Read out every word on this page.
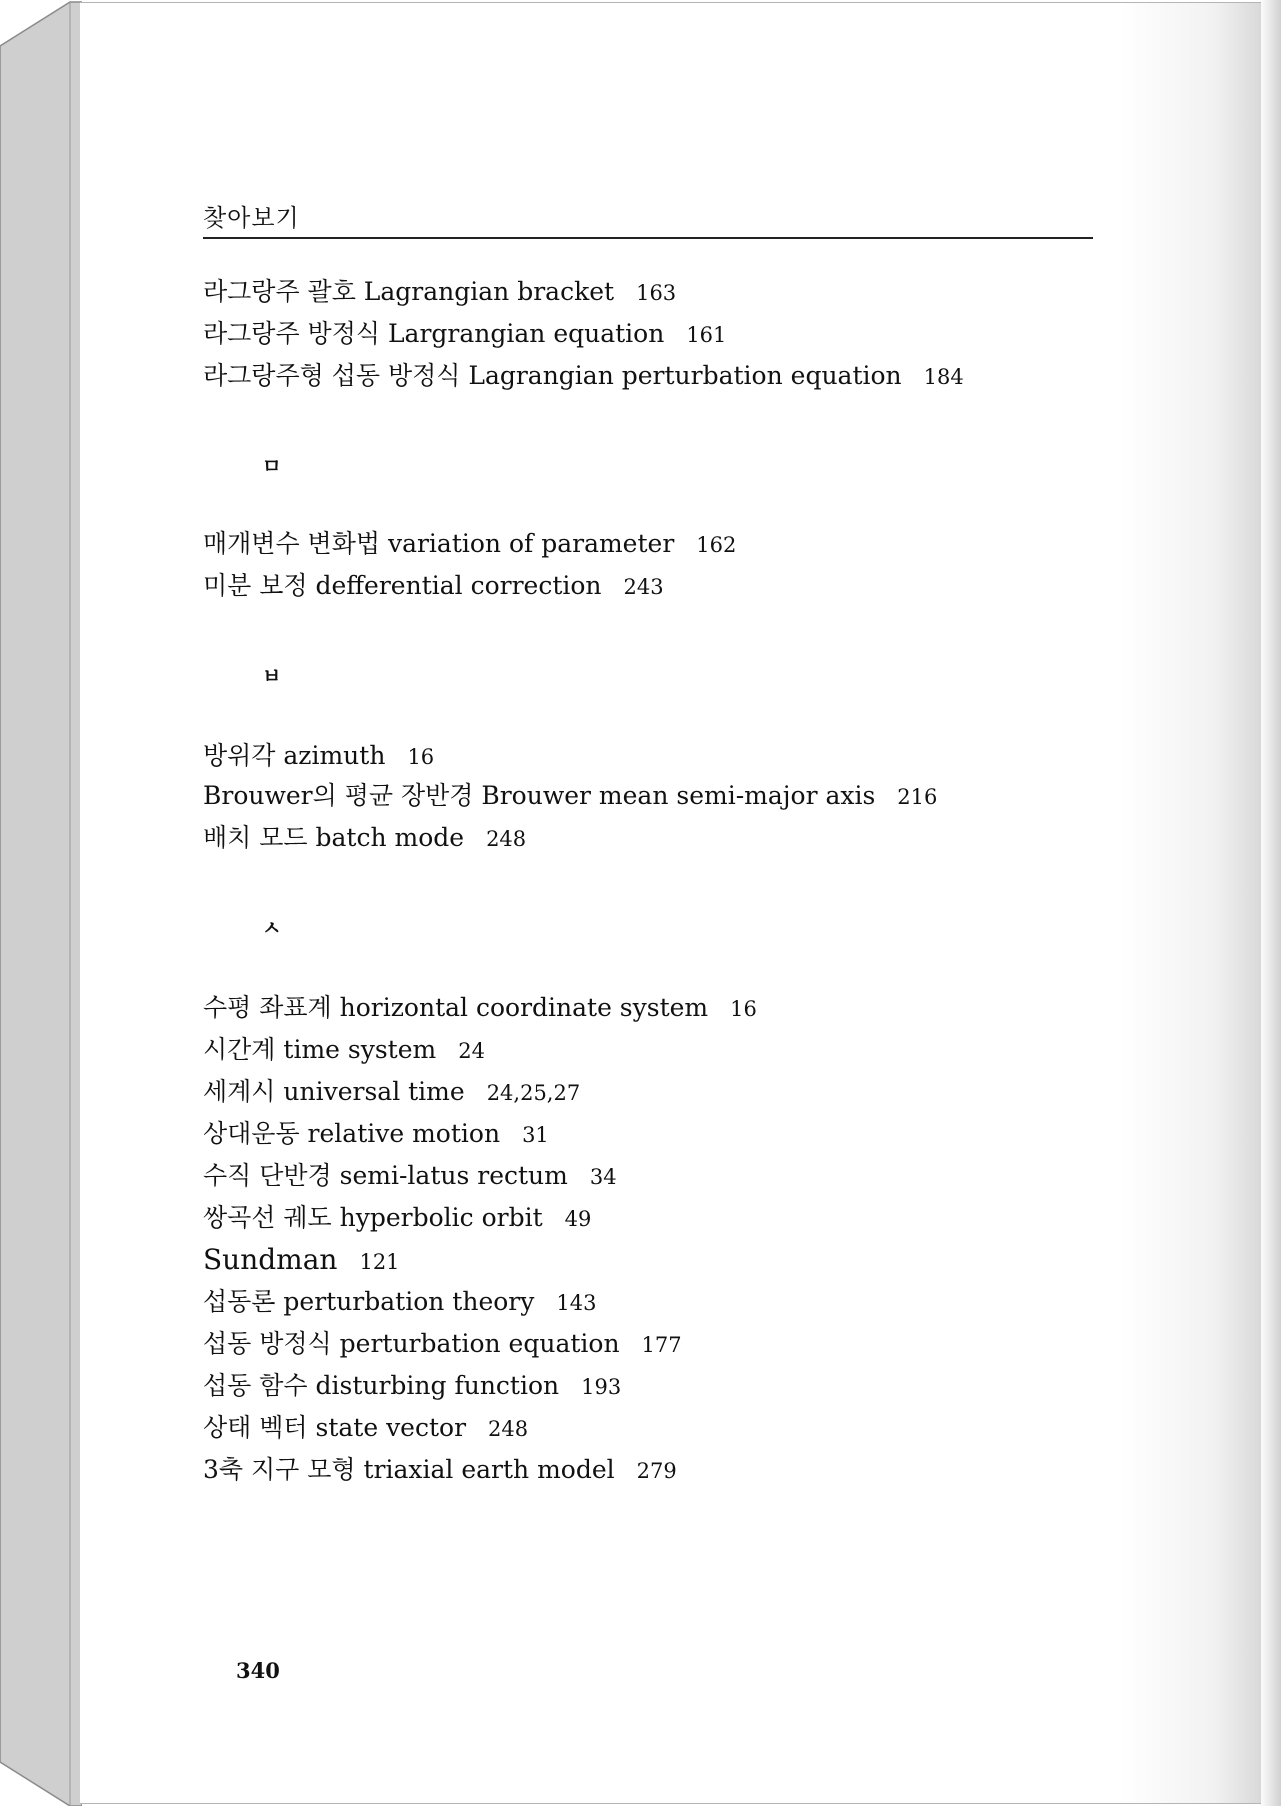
찾아보기
라그랑주 괄호 Lagrangian bracket 163
라그랑주 방정식 Largrangian equation 161
라그랑주형 섭동 방정식 Lagrangian perturbation equation 184
ㅁ
매개변수 변화법 variation of parameter 162
미분 보정 defferential correction 243
ㅂ
방위각 azimuth 16
Brouwer의 평균 장반경 Brouwer mean semi-major axis 216
배치 모드 batch mode 248
ㅅ
수평 좌표계 horizontal coordinate system 16
시간계 time system 24
세계시 universal time 24,25,27
상대운동 relative motion 31
수직 단반경 semi-latus rectum 34
쌍곡선 궤도 hyperbolic orbit 49
Sundman 121
섭동론 perturbation theory 143
섭동 방정식 perturbation equation 177
섭동 함수 disturbing function 193
상태 벡터 state vector 248
3축 지구 모형 triaxial earth model 279
340
